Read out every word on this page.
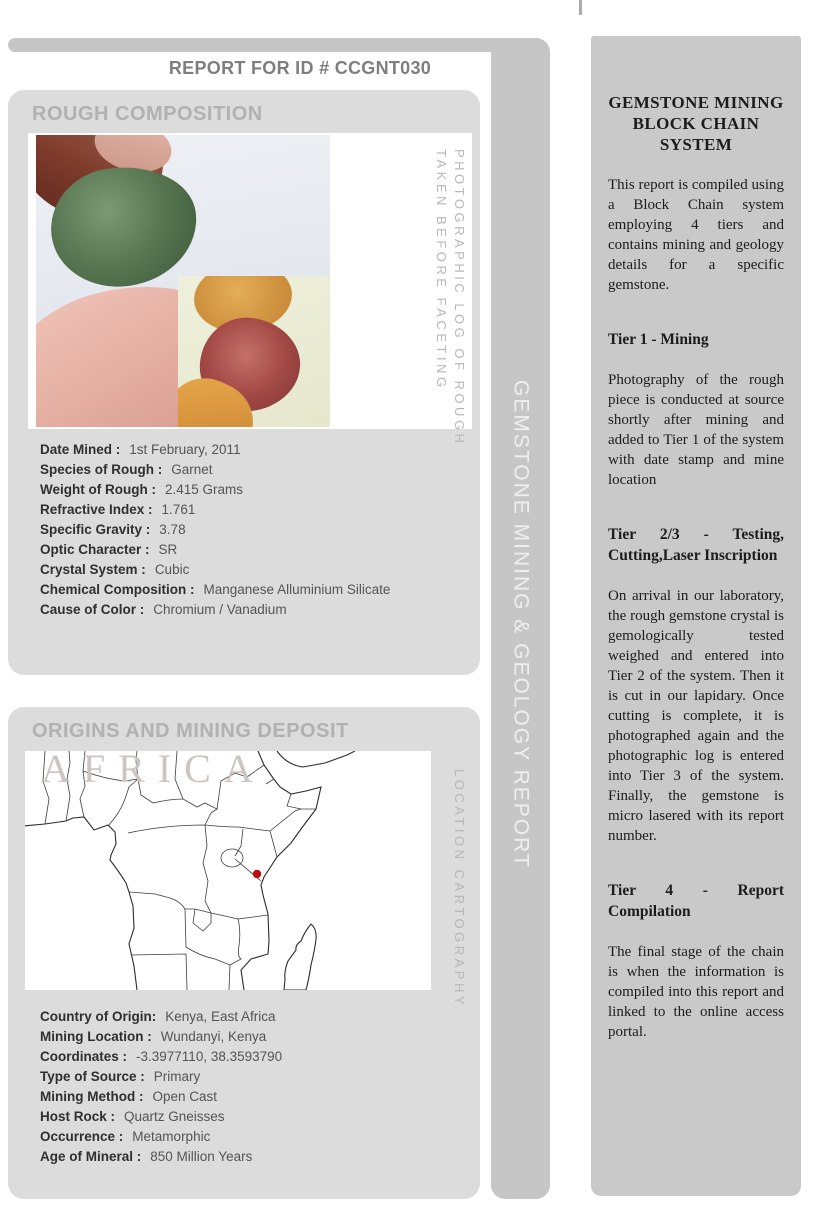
GEMSTONE MINING & GEOLOGY REPORT
REPORT FOR ID # CCGNT030
ROUGH COMPOSITION
PHOTOGRAPHIC LOG OF ROUGH
TAKEN BEFORE FACETING
Date Mined : 1st February, 2011
Species of Rough : Garnet
Weight of Rough : 2.415 Grams
Refractive Index : 1.761
Specific Gravity : 3.78
Optic Character : SR
Crystal System : Cubic
Chemical Composition : Manganese Alluminium Silicate
Cause of Color : Chromium / Vanadium
ORIGINS AND MINING DEPOSIT
AFRICA
LOCATION CARTOGRAPHY
Country of Origin: Kenya, East Africa
Mining Location : Wundanyi, Kenya
Coordinates : -3.3977110, 38.3593790
Type of Source : Primary
Mining Method : Open Cast
Host Rock : Quartz Gneisses
Occurrence : Metamorphic
Age of Mineral : 850 Million Years
GEMSTONE MINING BLOCK CHAIN SYSTEM
This report is compiled using a Block Chain system employing 4 tiers and contains mining and geology details for a specific gemstone.
Tier 1 - Mining
Photography of the rough piece is conducted at source shortly after mining and added to Tier 1 of the system with date stamp and mine location
Tier 2/3 - Testing, Cutting,Laser Inscription
On arrival in our laboratory, the rough gemstone crystal is gemologically tested weighed and entered into Tier 2 of the system. Then it is cut in our lapidary. Once cutting is complete, it is photographed again and the photographic log is entered into Tier 3 of the system. Finally, the gemstone is micro lasered with its report number.
Tier 4 - Report Compilation
The final stage of the chain is when the information is compiled into this report and linked to the online access portal.
